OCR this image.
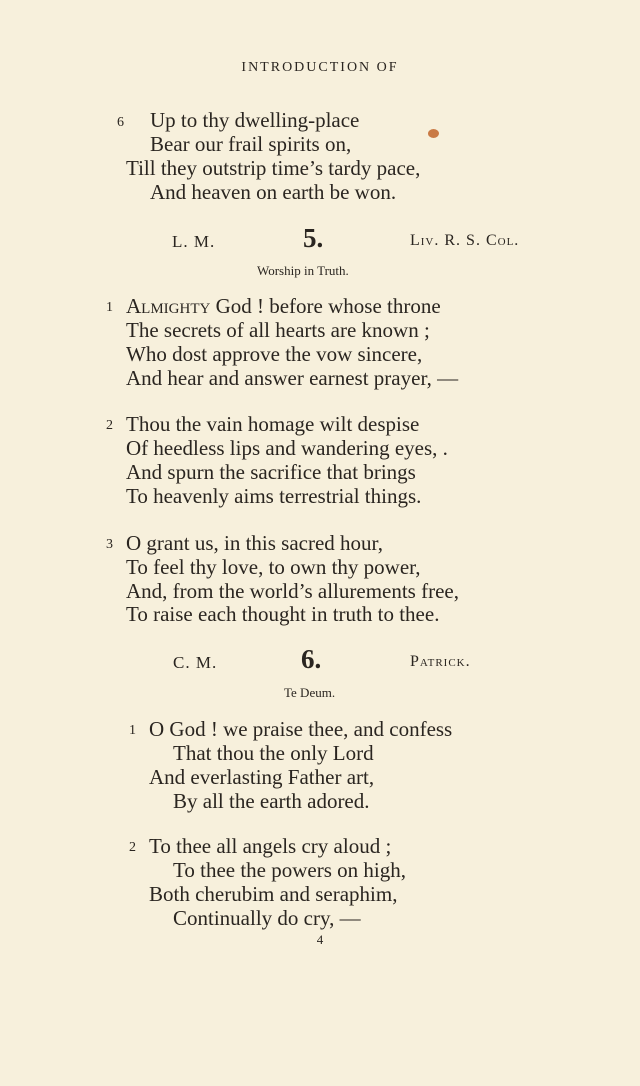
INTRODUCTION OF
6 Up to thy dwelling-place
Bear our frail spirits on,
Till they outstrip time’s tardy pace,
And heaven on earth be won.
L. M.	5.	Liv. R. S. Col.
Worship in Truth.
1 Almighty God ! before whose throne
The secrets of all hearts are known ;
Who dost approve the vow sincere,
And hear and answer earnest prayer, —
2 Thou the vain homage wilt despise
Of heedless lips and wandering eyes, .
And spurn the sacrifice that brings
To heavenly aims terrestrial things.
3 O grant us, in this sacred hour,
To feel thy love, to own thy power,
And, from the world’s allurements free,
To raise each thought in truth to thee.
C. M.	6.	Patrick.
Te Deum.
1 O God ! we praise thee, and confess
That thou the only Lord
And everlasting Father art,
By all the earth adored.
2 To thee all angels cry aloud ;
To thee the powers on high,
Both cherubim and seraphim,
Continually do cry, —
4
